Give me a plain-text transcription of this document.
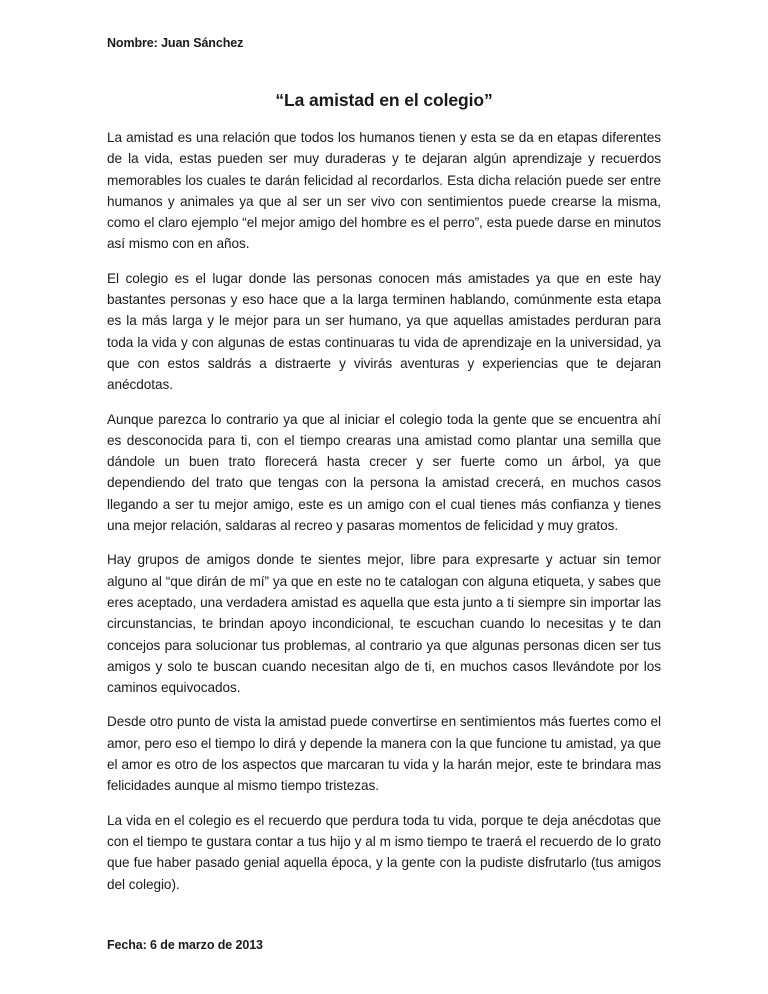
Nombre: Juan Sánchez
“La amistad en el colegio”

La amistad es una relación que todos los humanos tienen y esta se da en etapas diferentes de la vida, estas pueden ser muy duraderas y te dejaran algún aprendizaje y recuerdos memorables los cuales te darán felicidad al recordarlos. Esta dicha relación puede ser entre humanos y animales ya que al ser un ser vivo con sentimientos puede crearse la misma, como el claro ejemplo “el mejor amigo del hombre es el perro”, esta puede darse en minutos así mismo con en años.

El colegio es el lugar donde las personas conocen más amistades ya que en este hay bastantes personas y eso hace que a la larga terminen hablando, comúnmente esta etapa es la más larga y le mejor para un ser humano, ya que aquellas amistades perduran para toda la vida y con algunas de estas continuaras tu vida de aprendizaje en la universidad, ya que con estos saldrás a distraerte y vivirás aventuras y experiencias que te dejaran anécdotas.

Aunque parezca lo contrario ya que al iniciar el colegio toda la gente que se encuentra ahí es desconocida para ti, con el tiempo crearas una amistad como plantar una semilla que dándole un buen trato florecerá hasta crecer y ser fuerte como un árbol, ya que dependiendo del trato que tengas con la persona la amistad crecerá, en muchos casos llegando a ser tu mejor amigo, este es un amigo con el cual tienes más confianza y tienes una mejor relación, saldaras al recreo y pasaras momentos de felicidad y muy gratos.

Hay grupos de amigos donde te sientes mejor, libre para expresarte y actuar sin temor alguno al “que dirán de mí” ya que en este no te catalogan con alguna etiqueta, y sabes que eres aceptado, una verdadera amistad es aquella que esta junto a ti siempre sin importar las circunstancias, te brindan apoyo incondicional, te escuchan cuando lo necesitas y te dan concejos para solucionar tus problemas, al contrario ya que algunas personas dicen ser tus amigos y solo te buscan cuando necesitan algo de ti, en muchos casos llevándote por los caminos equivocados.

Desde otro punto de vista la amistad puede convertirse en sentimientos más fuertes como el amor, pero eso el tiempo lo dirá y depende la manera con la que funcione tu amistad, ya que el amor es otro de los aspectos que marcaran tu vida y la harán mejor, este te brindara mas felicidades aunque al mismo tiempo tristezas.

La vida en el colegio es el recuerdo que perdura toda tu vida, porque te deja anécdotas que con el tiempo te gustara contar a tus hijo y al m ismo tiempo te traerá el recuerdo de lo grato que fue haber pasado genial aquella época, y la gente con la pudiste disfrutarlo (tus amigos del colegio).

Fecha: 6 de marzo de 2013
